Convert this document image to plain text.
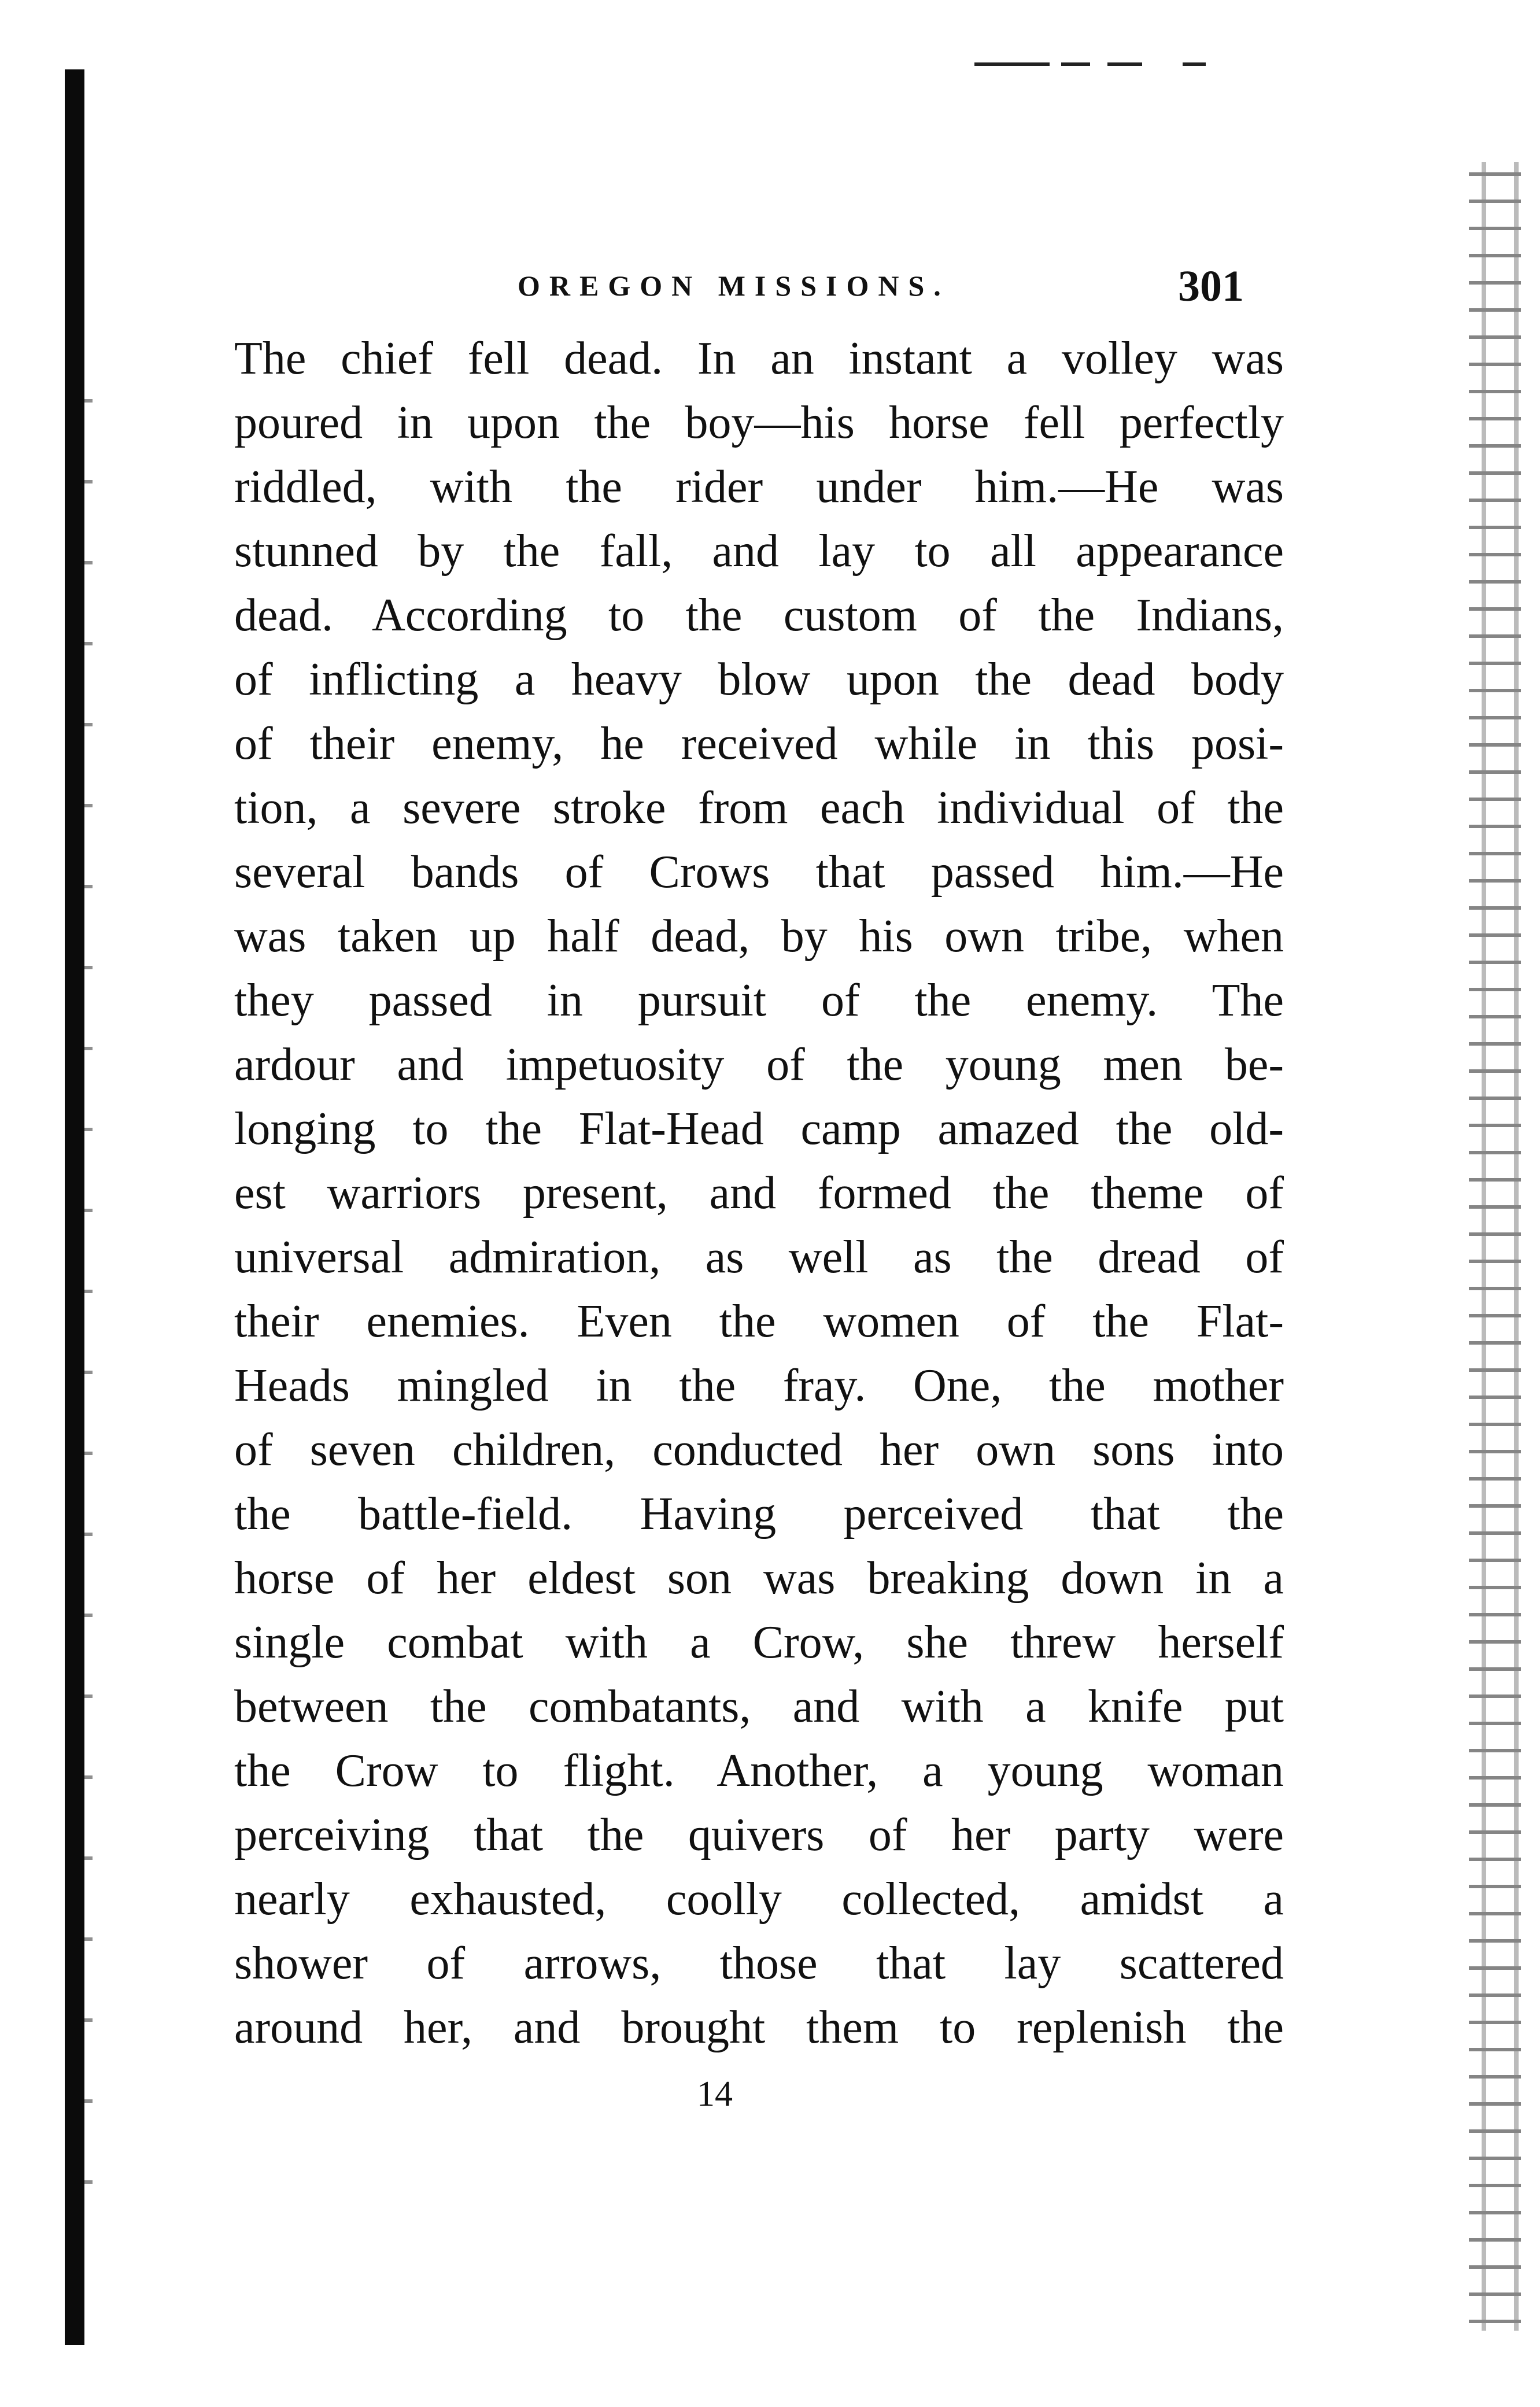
OREGON MISSIONS.	301
The chief fell dead. In an instant a volley was
poured in upon the boy—his horse fell perfectly
riddled, with the rider under him.—He was
stunned by the fall, and lay to all appearance
dead. According to the custom of the Indians,
of inflicting a heavy blow upon the dead body
of their enemy, he received while in this posi-
tion, a severe stroke from each individual of the
several bands of Crows that passed him.—He
was taken up half dead, by his own tribe, when
they passed in pursuit of the enemy. The
ardour and impetuosity of the young men be-
longing to the Flat-Head camp amazed the old-
est warriors present, and formed the theme of
universal admiration, as well as the dread of
their enemies. Even the women of the Flat-
Heads mingled in the fray. One, the mother
of seven children, conducted her own sons into
the battle-field. Having perceived that the
horse of her eldest son was breaking down in a
single combat with a Crow, she threw herself
between the combatants, and with a knife put
the Crow to flight. Another, a young woman
perceiving that the quivers of her party were
nearly exhausted, coolly collected, amidst a
shower of arrows, those that lay scattered
around her, and brought them to replenish the
14
